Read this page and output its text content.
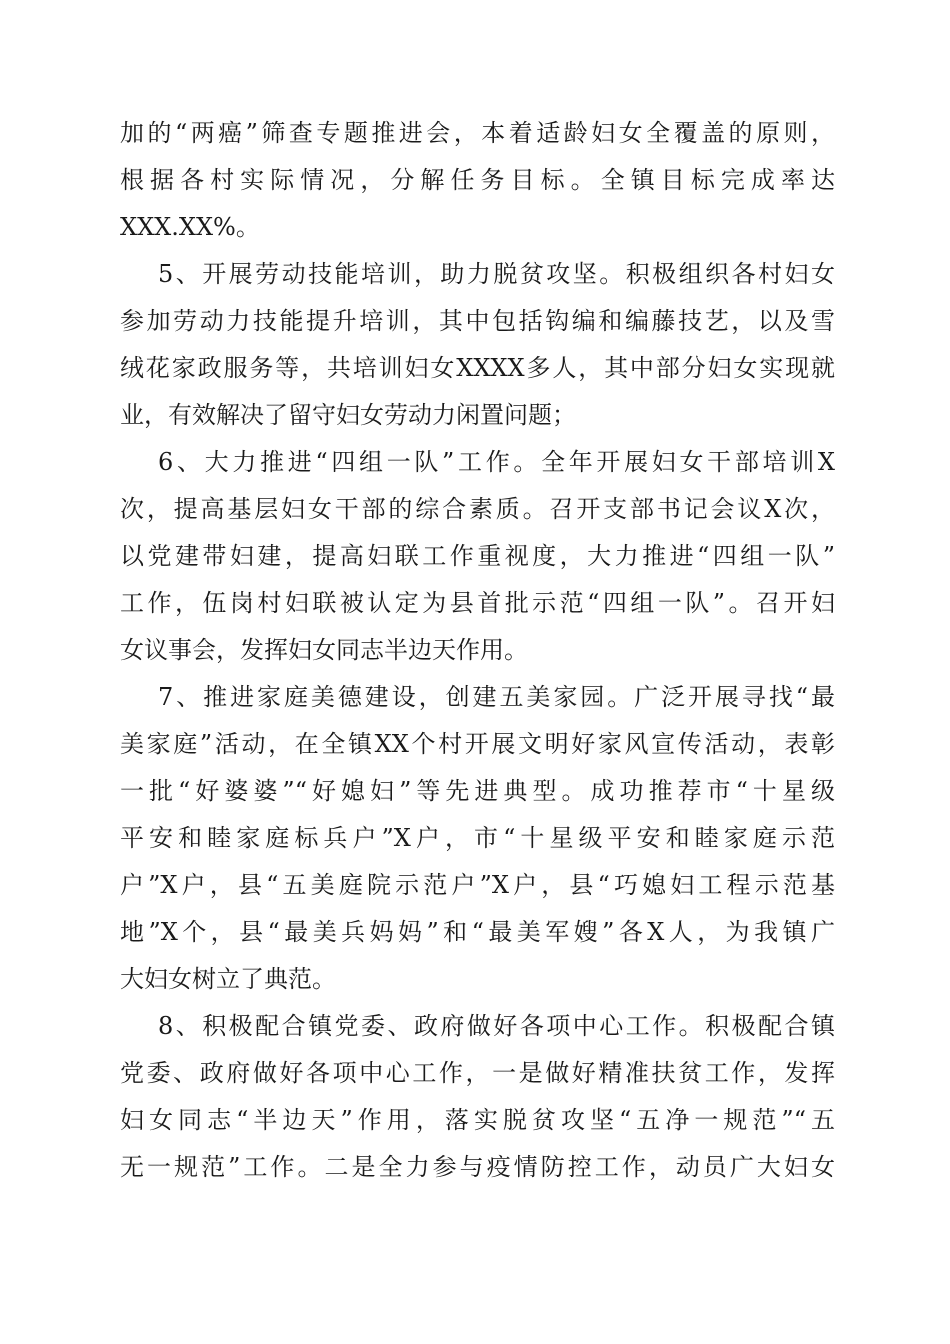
加的“两癌”筛查专题推进会，本着适龄妇女全覆盖的原则，
根据各村实际情况，分解任务目标。全镇目标完成率达
XXX.XX%。
5、开展劳动技能培训，助力脱贫攻坚。积极组织各村妇女
参加劳动力技能提升培训，其中包括钩编和编藤技艺，以及雪
绒花家政服务等，共培训妇女XXXX多人，其中部分妇女实现就
业，有效解决了留守妇女劳动力闲置问题；
6、大力推进“四组一队”工作。全年开展妇女干部培训X
次，提高基层妇女干部的综合素质。召开支部书记会议X次，
以党建带妇建，提高妇联工作重视度，大力推进“四组一队”
工作，伍岗村妇联被认定为县首批示范“四组一队”。召开妇
女议事会，发挥妇女同志半边天作用。
7、推进家庭美德建设，创建五美家园。广泛开展寻找“最
美家庭”活动，在全镇XX个村开展文明好家风宣传活动，表彰
一批“好婆婆”“好媳妇”等先进典型。成功推荐市“十星级
平安和睦家庭标兵户”X户，市“十星级平安和睦家庭示范
户”X户，县“五美庭院示范户”X户，县“巧媳妇工程示范基
地”X个，县“最美兵妈妈”和“最美军嫂”各X人，为我镇广
大妇女树立了典范。
8、积极配合镇党委、政府做好各项中心工作。积极配合镇
党委、政府做好各项中心工作，一是做好精准扶贫工作，发挥
妇女同志“半边天”作用，落实脱贫攻坚“五净一规范”“五
无一规范”工作。二是全力参与疫情防控工作，动员广大妇女
